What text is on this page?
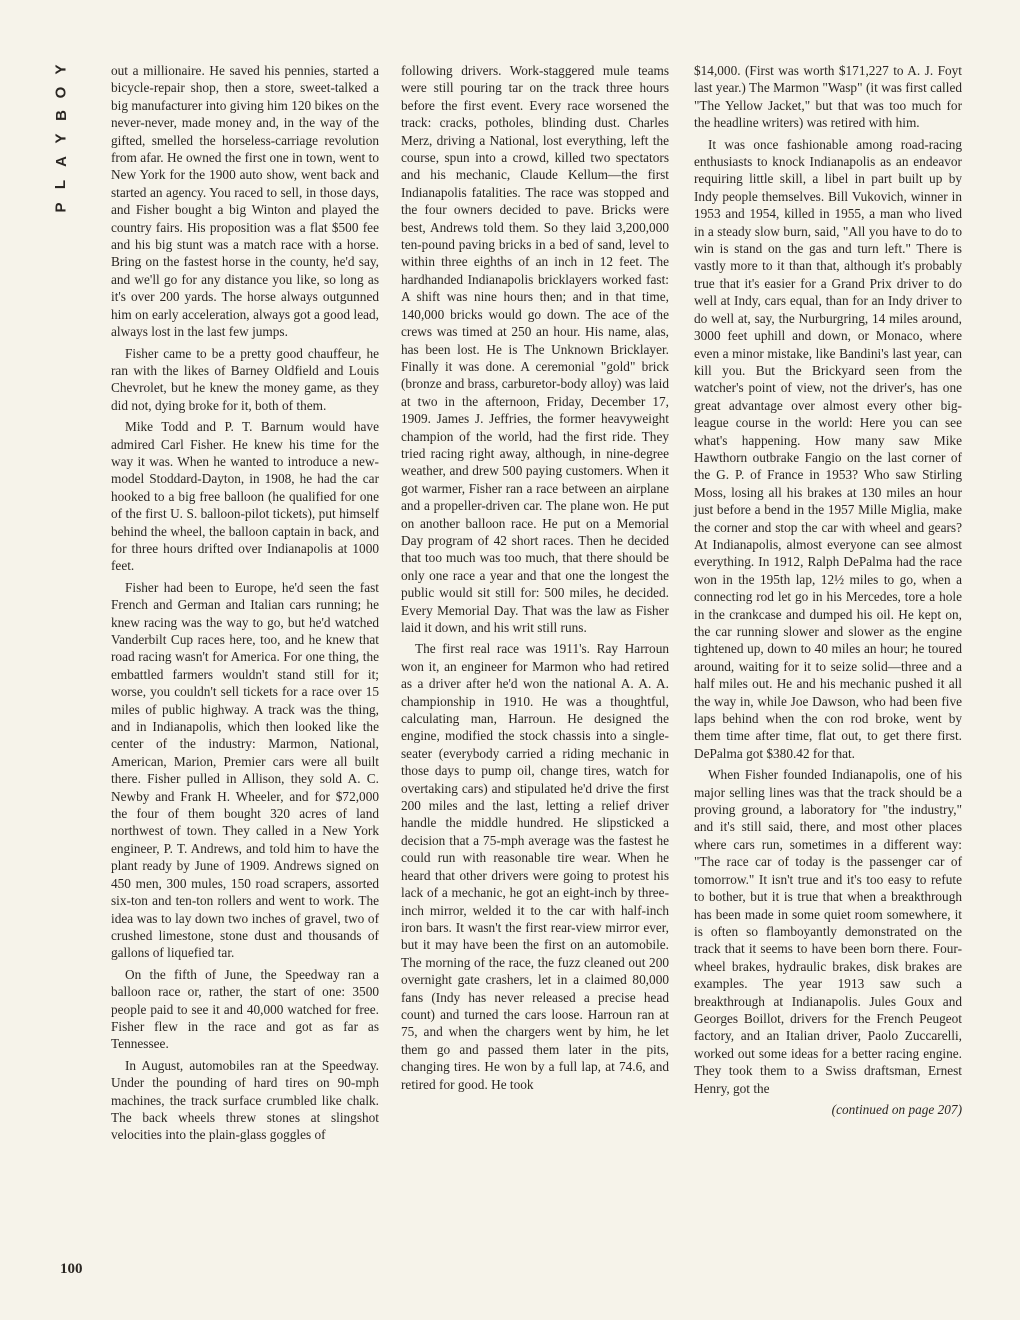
Y
O
B
Y
A
L
P
100

out a millionaire. He saved his pennies, started a bicycle-repair shop, then a store, sweet-talked a big manufacturer into giving him 120 bikes on the never-never, made money and, in the way of the gifted, smelled the horseless-carriage revolution from afar. He owned the first one in town, went to New York for the 1900 auto show, went back and started an agency. You raced to sell, in those days, and Fisher bought a big Winton and played the country fairs. His proposition was a flat $500 fee and his big stunt was a match race with a horse. Bring on the fastest horse in the county, he'd say, and we'll go for any distance you like, so long as it's over 200 yards. The horse always outgunned him on early acceleration, always got a good lead, always lost in the last few jumps.

Fisher came to be a pretty good chauffeur, he ran with the likes of Barney Oldfield and Louis Chevrolet, but he knew the money game, as they did not, dying broke for it, both of them.

Mike Todd and P. T. Barnum would have admired Carl Fisher. He knew his time for the way it was. When he wanted to introduce a new-model Stoddard-Dayton, in 1908, he had the car hooked to a big free balloon (he qualified for one of the first U. S. balloon-pilot tickets), put himself behind the wheel, the balloon captain in back, and for three hours drifted over Indianapolis at 1000 feet.

Fisher had been to Europe, he'd seen the fast French and German and Italian cars running; he knew racing was the way to go, but he'd watched Vanderbilt Cup races here, too, and he knew that road racing wasn't for America. For one thing, the embattled farmers wouldn't stand still for it; worse, you couldn't sell tickets for a race over 15 miles of public highway. A track was the thing, and in Indianapolis, which then looked like the center of the industry: Marmon, National, American, Marion, Premier cars were all built there. Fisher pulled in Allison, they sold A. C. Newby and Frank H. Wheeler, and for $72,000 the four of them bought 320 acres of land northwest of town. They called in a New York engineer, P. T. Andrews, and told him to have the plant ready by June of 1909. Andrews signed on 450 men, 300 mules, 150 road scrapers, assorted six-ton and ten-ton rollers and went to work. The idea was to lay down two inches of gravel, two of crushed limestone, stone dust and thousands of gallons of liquefied tar.

On the fifth of June, the Speedway ran a balloon race or, rather, the start of one: 3500 people paid to see it and 40,000 watched for free. Fisher flew in the race and got as far as Tennessee.

In August, automobiles ran at the Speedway. Under the pounding of hard tires on 90-mph machines, the track surface crumbled like chalk. The back wheels threw stones at slingshot velocities into the plain-glass goggles of

following drivers. Work-staggered mule teams were still pouring tar on the track three hours before the first event. Every race worsened the track: cracks, potholes, blinding dust. Charles Merz, driving a National, lost everything, left the course, spun into a crowd, killed two spectators and his mechanic, Claude Kellum—the first Indianapolis fatalities. The race was stopped and the four owners decided to pave. Bricks were best, Andrews told them. So they laid 3,200,000 ten-pound paving bricks in a bed of sand, level to within three eighths of an inch in 12 feet. The hardhanded Indianapolis bricklayers worked fast: A shift was nine hours then; and in that time, 140,000 bricks would go down. The ace of the crews was timed at 250 an hour. His name, alas, has been lost. He is The Unknown Bricklayer. Finally it was done. A ceremonial "gold" brick (bronze and brass, carburetor-body alloy) was laid at two in the afternoon, Friday, December 17, 1909. James J. Jeffries, the former heavyweight champion of the world, had the first ride. They tried racing right away, although, in nine-degree weather, and drew 500 paying customers. When it got warmer, Fisher ran a race between an airplane and a propeller-driven car. The plane won. He put on another balloon race. He put on a Memorial Day program of 42 short races. Then he decided that too much was too much, that there should be only one race a year and that one the longest the public would sit still for: 500 miles, he decided. Every Memorial Day. That was the law as Fisher laid it down, and his writ still runs.

The first real race was 1911's. Ray Harroun won it, an engineer for Marmon who had retired as a driver after he'd won the national A. A. A. championship in 1910. He was a thoughtful, calculating man, Harroun. He designed the engine, modified the stock chassis into a single-seater (everybody carried a riding mechanic in those days to pump oil, change tires, watch for overtaking cars) and stipulated he'd drive the first 200 miles and the last, letting a relief driver handle the middle hundred. He slipsticked a decision that a 75-mph average was the fastest he could run with reasonable tire wear. When he heard that other drivers were going to protest his lack of a mechanic, he got an eight-inch by three-inch mirror, welded it to the car with half-inch iron bars. It wasn't the first rear-view mirror ever, but it may have been the first on an automobile. The morning of the race, the fuzz cleaned out 200 overnight gate crashers, let in a claimed 80,000 fans (Indy has never released a precise head count) and turned the cars loose. Harroun ran at 75, and when the chargers went by him, he let them go and passed them later in the pits, changing tires. He won by a full lap, at 74.6, and retired for good. He took

$14,000. (First was worth $171,227 to A. J. Foyt last year.) The Marmon "Wasp" (it was first called "The Yellow Jacket," but that was too much for the headline writers) was retired with him.

It was once fashionable among road-racing enthusiasts to knock Indianapolis as an endeavor requiring little skill, a libel in part built up by Indy people themselves. Bill Vukovich, winner in 1953 and 1954, killed in 1955, a man who lived in a steady slow burn, said, "All you have to do to win is stand on the gas and turn left." There is vastly more to it than that, although it's probably true that it's easier for a Grand Prix driver to do well at Indy, cars equal, than for an Indy driver to do well at, say, the Nurburgring, 14 miles around, 3000 feet uphill and down, or Monaco, where even a minor mistake, like Bandini's last year, can kill you. But the Brickyard seen from the watcher's point of view, not the driver's, has one great advantage over almost every other big-league course in the world: Here you can see what's happening. How many saw Mike Hawthorn outbrake Fangio on the last corner of the G. P. of France in 1953? Who saw Stirling Moss, losing all his brakes at 130 miles an hour just before a bend in the 1957 Mille Miglia, make the corner and stop the car with wheel and gears? At Indianapolis, almost everyone can see almost everything. In 1912, Ralph DePalma had the race won in the 195th lap, 12½ miles to go, when a connecting rod let go in his Mercedes, tore a hole in the crankcase and dumped his oil. He kept on, the car running slower and slower as the engine tightened up, down to 40 miles an hour; he toured around, waiting for it to seize solid—three and a half miles out. He and his mechanic pushed it all the way in, while Joe Dawson, who had been five laps behind when the con rod broke, went by them time after time, flat out, to get there first. DePalma got $380.42 for that.

When Fisher founded Indianapolis, one of his major selling lines was that the track should be a proving ground, a laboratory for "the industry," and it's still said, there, and most other places where cars run, sometimes in a different way: "The race car of today is the passenger car of tomorrow." It isn't true and it's too easy to refute to bother, but it is true that when a breakthrough has been made in some quiet room somewhere, it is often so flamboyantly demonstrated on the track that it seems to have been born there. Four-wheel brakes, hydraulic brakes, disk brakes are examples. The year 1913 saw such a breakthrough at Indianapolis. Jules Goux and Georges Boillot, drivers for the French Peugeot factory, and an Italian driver, Paolo Zuccarelli, worked out some ideas for a better racing engine. They took them to a Swiss draftsman, Ernest Henry, got the

(continued on page 207)
